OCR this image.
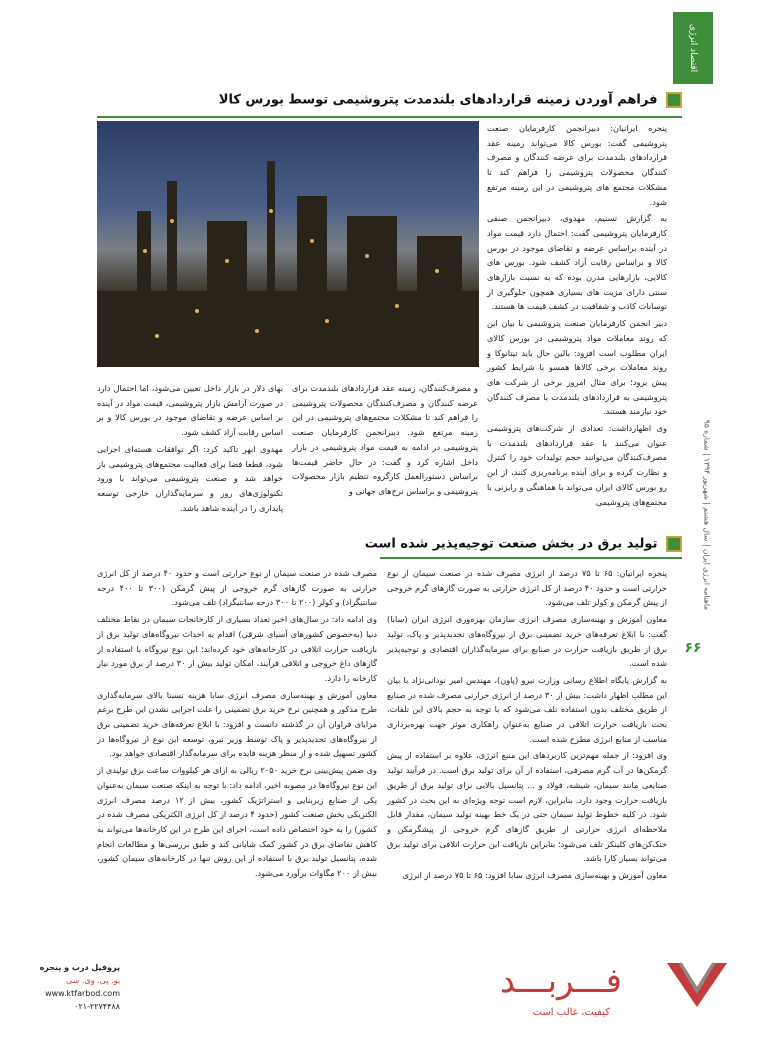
اقتصاد انرژی
ماهنامه انرژی ایران | سال هشتم | شهریور ۱۳۹۴ | شماره ۹۵
۶۶
فراهم آوردن زمینه قراردادهای بلندمدت پتروشیمی توسط بورس کالا

پنجره ایرانیان: دبیرانجمن کارفرمایان صنعت پتروشیمی گفت: بورس کالا می‌تواند زمینه عقد قراردادهای بلندمدت برای عرضه کنندگان و مصرف کنندگان محصولات پتروشیمی را فراهم کند تا مشکلات مجتمع های پتروشیمی در این زمینه مرتفع شود.

به گزارش تسنیم، مهدوی، دبیرانجمن صنفی کارفرمایان پتروشیمی گفت: احتمال دارد قیمت مواد در آینده براساس عرضه و تقاضای موجود در بورس کالا و براساس رقابت آزاد کشف شود. بورس های کالایی، بازارهایی مدرن بوده که به نسبت بازارهای سنتی دارای مزیت های بسیاری همچون جلوگیری از نوسانات کاذب و شفافیت در کشف قیمت ها هستند.

دبیر انجمن کارفرمایان صنعت پتروشیمی با بیان این که روند معاملات مواد پتروشیمی در بورس کالای ایران مطلوب است افزود: بالین حال باید تیتانوکا و روند معاملات برخی کالاها همسو با شرایط کشور پیش برود؛ برای مثال امروز برخی از شرکت های پتروشیمی به قراردادهای بلندمدت با مصرف کنندگان خود نیازمند هستند.

وی اظهارداشت: تعدادی از شرکت‌های پتروشیمی عنوان می‌کنند با عقد قراردادهای بلندمدت با مصرف‌کنندگان می‌توانند حجم تولیدات خود را کنترل و نظارت کرده و برای آینده برنامه‌ریزی کنند، از این رو بورس کالای ایران می‌تواند با هماهنگی و رایزنی با مجتمع‌های پتروشیمی

و مصرف‌کنندگان، زمینه عقد قراردادهای بلندمدت برای عرضه کنندگان و مصرف‌کنندگان محصولات پتروشیمی را فراهم کند تا مشکلات مجتمع‌های پتروشیمی در این زمینه مرتفع شود. دبیرانجمن کارفرمایان صنعت پتروشیمی در ادامه به قیمت مواد پتروشیمی در بازار داخل اشاره کرد و گفت: در حال حاضر قیمت‌ها براساس دستورالعمل کارگروه تنظیم بازار محصولات پتروشیمی و براساس نرخ‌های جهانی و

بهای دلار در بازار داخل تعیین می‌شود، اما احتمال دارد در صورت آرامش بازار پتروشیمی، قیمت مواد در آینده بر اساس عرضه و تقاضای موجود در بورس کالا و بر اساس رقابت آزاد کشف شود.

مهدوی ابهر تاکید کرد: اگر توافقات هسته‌ای اجرایی شود، قطعا فضا برای فعالیت مجتمع‌های پتروشیمی باز خواهد شد و صنعت پتروشیمی می‌تواند با ورود تکنولوژی‌های روز و سرمایه‌گذاران خارجی توسعه پایداری را در آینده شاهد باشد.

تولید برق در بخش صنعت توجیه‌پذیر شده است

پنجره ایرانیان: ۶۵ تا ۷۵ درصد از انرژی مصرف شده در صنعت سیمان از نوع حرارتی است و حدود ۴۰ درصد از کل انرژی حرارتی به صورت گازهای گرم خروجی از پیش گرمکن و کولر تلف می‌شود.

معاون آموزش و بهینه‌سازی مصرف انرژی سازمان بهره‌وری انرژی ایران (سابا) گفت: با ابلاغ تعرفه‌های خرید تضمینی برق از نیروگاه‌های تجدیدپذیر و پاک، تولید برق از طریق بازیافت حرارت در صنایع برای سرمایه‌گذاران اقتصادی و توجیه‌پذیر شده است.

به گزارش پایگاه اطلاع رسانی وزارت نیرو (پاون)، مهندس امیر نودانی‌نژاد با بیان این مطلب اظهار داشت: بیش از ۳۰ درصد از انرژی حرارتی مصرف شده در صنایع از طریق مختلف بدون استفاده تلف می‌شود که با توجه به حجم بالای این تلفات، بحث بازیافت حرارت اتلافی در صنایع به‌عنوان راهکاری موثر جهت بهره‌برداری مناسب از منابع انرژی مطرح شده است.

وی افزود: از جمله مهم‌ترین کاربردهای این منبع انرژی، علاوه بر استفاده از پیش گرمکن‌ها در آب گرم مصرفی، استفاده از آن برای تولید برق است. در فرآیند تولید صنایعی مانند سیمان، شیشه، فولاد و ... پتانسیل بالایی برای تولید برق از طریق بازیافت حرارت وجود دارد. بنابراین، لازم است توجه ویژه‌ای به این بحث در کشور شود. در کلیه خطوط تولید سیمان حتی در یک خط بهینه تولید سیمان، مقدار قابل ملاحظه‌ای انرژی حرارتی از طریق گازهای گرم خروجی از پیشگرمکن و خنک‌کن‌های کلینکر تلف می‌شود؛ بنابراین بازیافت این حرارت اتلافی برای تولید برق می‌تواند بسیار کارا باشد.

معاون آموزش و بهینه‌سازی مصرف انرژی سابا افزود: ۶۵ تا ۷۵ درصد از انرژی

مصرف شده در صنعت سیمان از نوع حرارتی است و حدود ۴۰ درصد از کل انرژی حرارتی به صورت گازهای گرم خروجی از پیش گرمکن (۳۰۰ تا ۴۰۰ درجه سانتیگراد) و کولر (۲۰۰ تا ۳۰۰ درجه سانتیگراد) تلف می‌شود.

وی ادامه داد: در سال‌های اخیر تعداد بسیاری از کارخانجات سیمان در نقاط مختلف دنیا (به‌خصوص کشورهای آسیای شرقی) اقدام به احداث نیروگاه‌های تولید برق از بازیافت حرارت اتلافی در کارخانه‌های خود کرده‌اند؛ این نوع نیروگاه با استفاده از گازهای داغ خروجی و اتلافی فرآیند، امکان تولید بیش از ۳۰ درصد از برق مورد نیاز کارخانه را دارد.

معاون آموزش و بهینه‌سازی مصرف انرژی سابا هزینه نسبتا بالای سرمایه‌گذاری طرح مذکور و همچنین نرخ خرید برق تضمینی را علت اجرایی نشدن این طرح برغم مزایای فراوان آن در گذشته دانست و افزود: با ابلاغ تعرفه‌های خرید تضمینی برق از نیروگاه‌های تجدیدپذیر و پاک توسط وزیر نیرو، توسعه این نوع از نیروگاه‌ها در کشور تسهیل شده و از منظر هزینه فایده برای سرمایه‌گذار اقتصادی خواهد بود.

وی ضمن پیش‌بینی نرخ خرید ۲۰۵۰ ریالی به ازای هر کیلووات ساعت برق تولیدی از این نوع نیروگاه‌ها در مصوبه اخیر، ادامه داد: با توجه به اینکه صنعت سیمان به‌عنوان یکی از صنایع زیربنایی و استراتژیک کشور، بیش از ۱۲ درصد مصرف انرژی الکتریکی بخش صنعت کشور (حدود ۴ درصد از کل انرژی الکتریکی مصرف شده در کشور) را به خود اختصاص داده است، اجرای این طرح در این کارخانه‌ها می‌تواند به کاهش تقاضای برق در کشور کمک شایانی کند و طبق بررسی‌ها و مطالعات انجام شده، پتانسیل تولید برق با استفاده از این روش تنها در کارخانه‌های سیمان کشور، بیش از ۲۰۰ مگاوات برآورد می‌شود.

پروفیل درب و پنجره
یو. پی. وی. سی
www.ktfarbod.com
۰۲۱-۲۲۷۴۴۸۸
فـــربـــد
کیفیت، غالب است
